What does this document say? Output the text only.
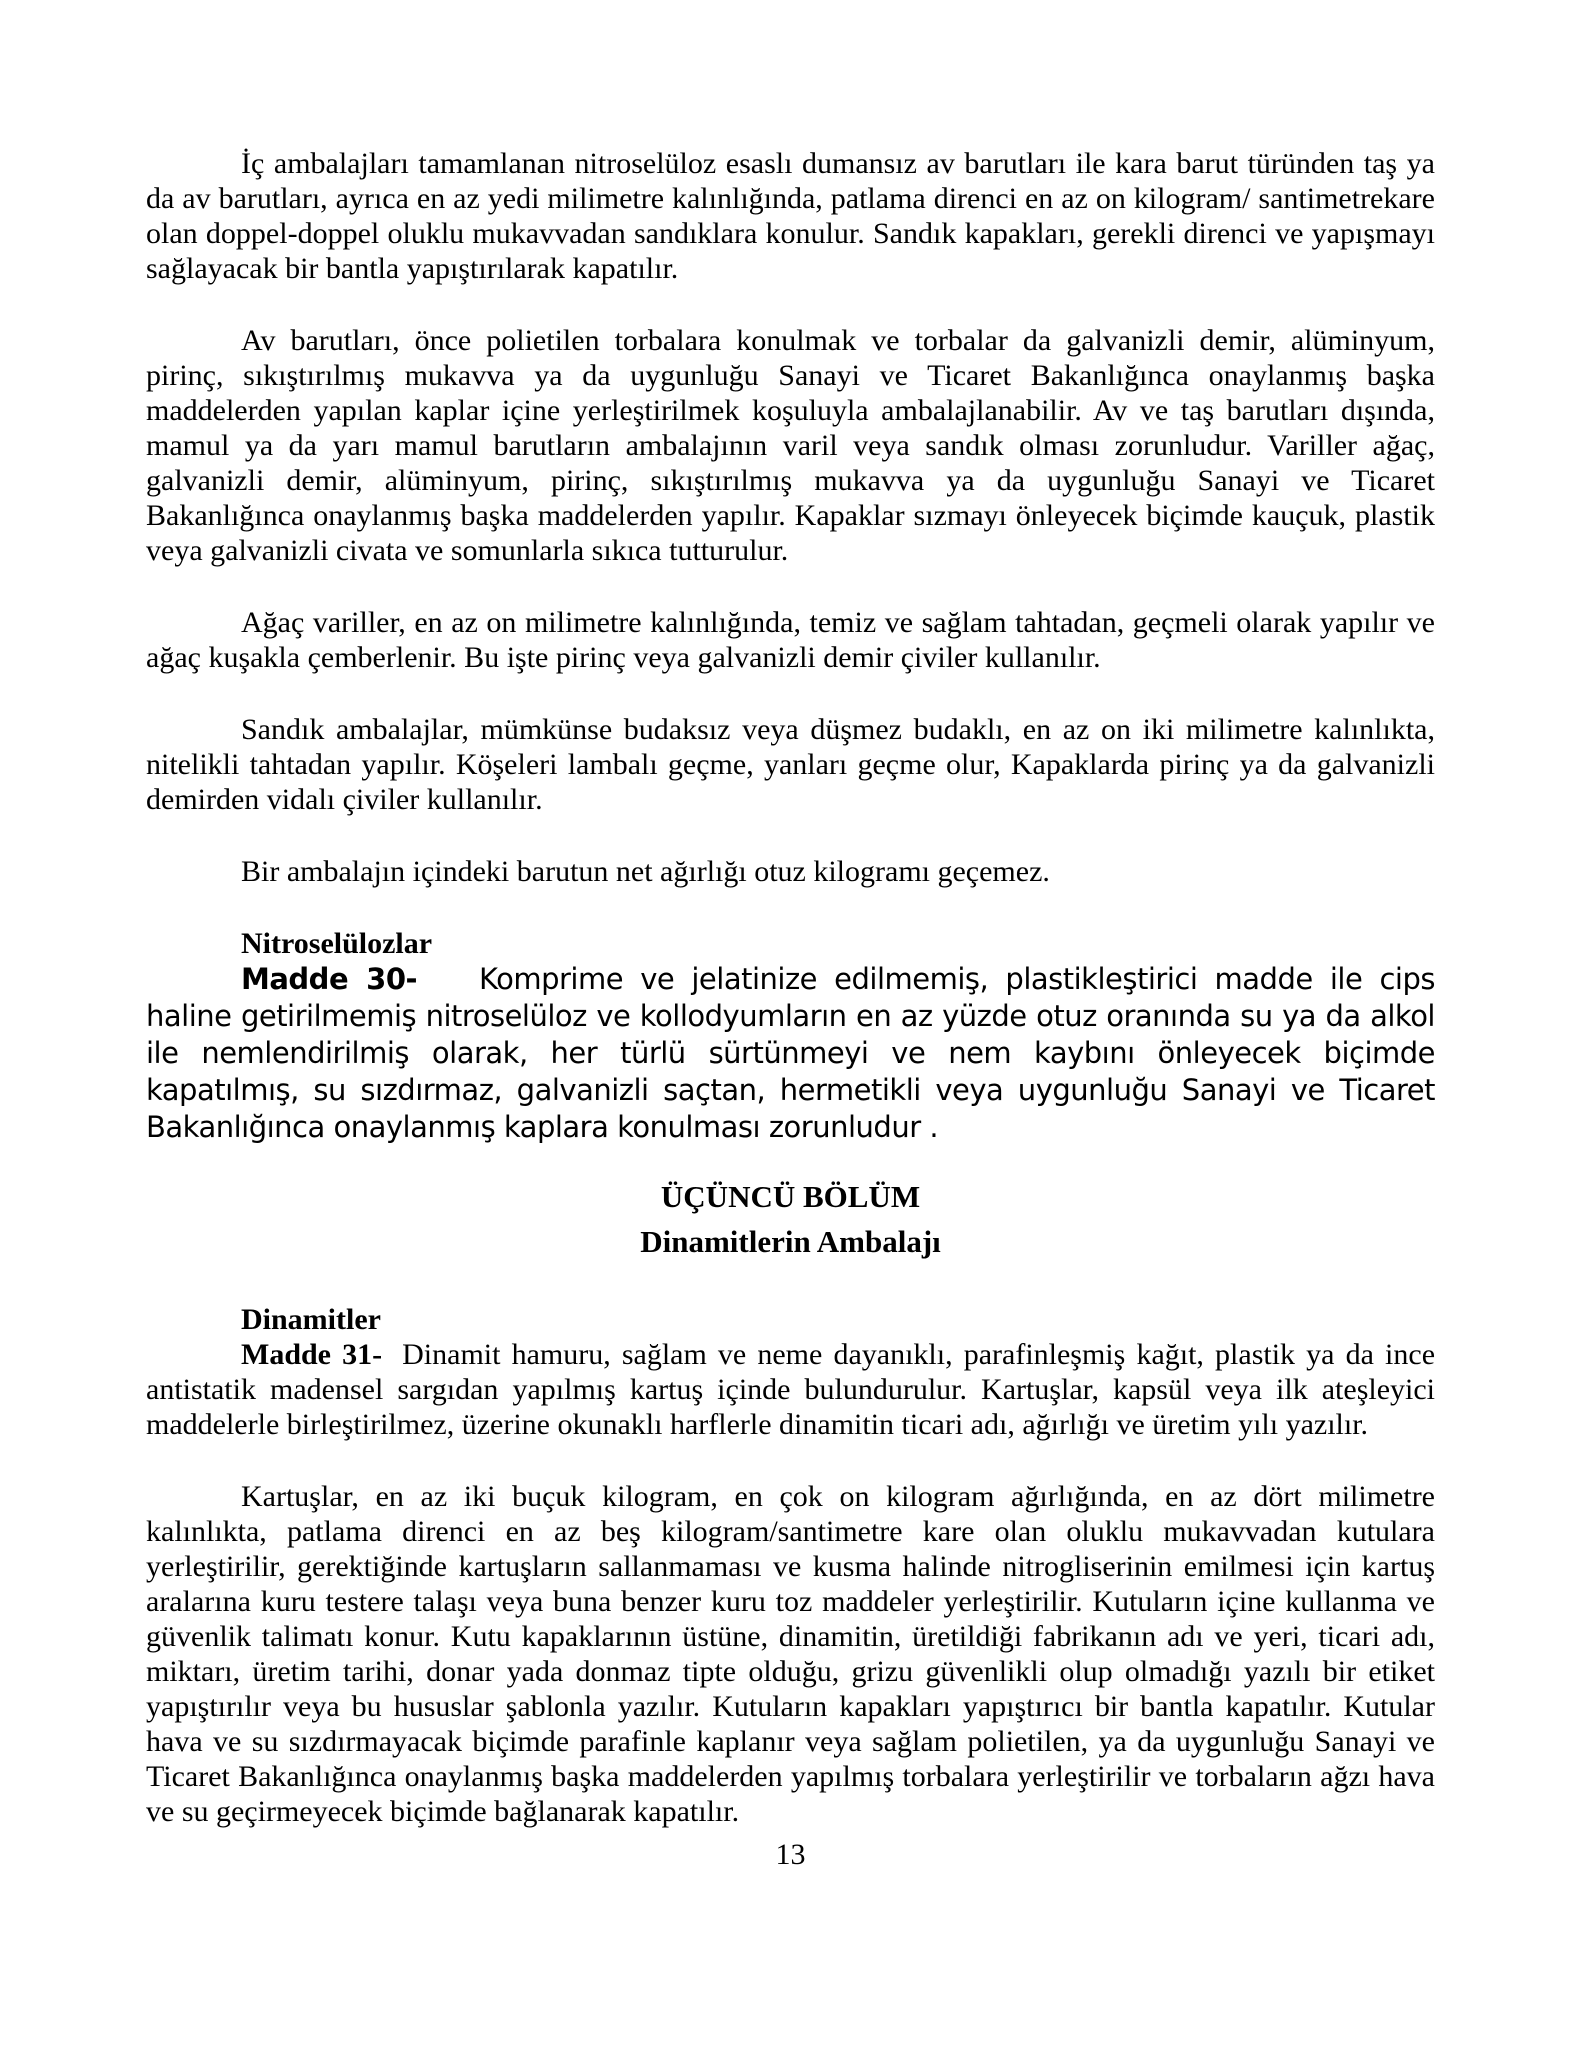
İç ambalajları tamamlanan nitroselüloz esaslı dumansız av barutları ile kara barut türünden taş ya da av barutları, ayrıca en az yedi milimetre kalınlığında, patlama direnci en az on kilogram/ santimetrekare olan doppel-doppel oluklu mukavvadan sandıklara konulur. Sandık kapakları, gerekli direnci ve yapışmayı sağlayacak bir bantla yapıştırılarak kapatılır.

Av barutları, önce polietilen torbalara konulmak ve torbalar da galvanizli demir, alüminyum, pirinç, sıkıştırılmış mukavva ya da uygunluğu Sanayi ve Ticaret Bakanlığınca onaylanmış başka maddelerden yapılan kaplar içine yerleştirilmek koşuluyla ambalajlanabilir. Av ve taş barutları dışında, mamul ya da yarı mamul barutların ambalajının varil veya sandık olması zorunludur. Variller ağaç, galvanizli demir, alüminyum, pirinç, sıkıştırılmış mukavva ya da uygunluğu Sanayi ve Ticaret Bakanlığınca onaylanmış başka maddelerden yapılır. Kapaklar sızmayı önleyecek biçimde kauçuk, plastik veya galvanizli civata ve somunlarla sıkıca tutturulur.

Ağaç variller, en az on milimetre kalınlığında, temiz ve sağlam tahtadan, geçmeli olarak yapılır ve ağaç kuşakla çemberlenir. Bu işte pirinç veya galvanizli demir çiviler kullanılır.

Sandık ambalajlar, mümkünse budaksız veya düşmez budaklı, en az on iki milimetre kalınlıkta, nitelikli tahtadan yapılır. Köşeleri lambalı geçme, yanları geçme olur, Kapaklarda pirinç ya da galvanizli demirden vidalı çiviler kullanılır.

Bir ambalajın içindeki barutun net ağırlığı otuz kilogramı geçemez.

Nitroselülozlar

Madde 30- Komprime ve jelatinize edilmemiş, plastikleştirici madde ile cips haline getirilmemiş nitroselüloz ve kollodyumların en az yüzde otuz oranında su ya da alkol ile nemlendirilmiş olarak, her türlü sürtünmeyi ve nem kaybını önleyecek biçimde kapatılmış, su sızdırmaz, galvanizli saçtan, hermetikli veya uygunluğu Sanayi ve Ticaret Bakanlığınca onaylanmış kaplara konulması zorunludur .

ÜÇÜNCÜ BÖLÜM
Dinamitlerin Ambalajı

Dinamitler

Madde 31- Dinamit hamuru, sağlam ve neme dayanıklı, parafinleşmiş kağıt, plastik ya da ince antistatik madensel sargıdan yapılmış kartuş içinde bulundurulur. Kartuşlar, kapsül veya ilk ateşleyici maddelerle birleştirilmez, üzerine okunaklı harflerle dinamitin ticari adı, ağırlığı ve üretim yılı yazılır.

Kartuşlar, en az iki buçuk kilogram, en çok on kilogram ağırlığında, en az dört milimetre kalınlıkta, patlama direnci en az beş kilogram/santimetre kare olan oluklu mukavvadan kutulara yerleştirilir, gerektiğinde kartuşların sallanmaması ve kusma halinde nitrogliserinin emilmesi için kartuş aralarına kuru testere talaşı veya buna benzer kuru toz maddeler yerleştirilir. Kutuların içine kullanma ve güvenlik talimatı konur. Kutu kapaklarının üstüne, dinamitin, üretildiği fabrikanın adı ve yeri, ticari adı, miktarı, üretim tarihi, donar yada donmaz tipte olduğu, grizu güvenlikli olup olmadığı yazılı bir etiket yapıştırılır veya bu hususlar şablonla yazılır. Kutuların kapakları yapıştırıcı bir bantla kapatılır. Kutular hava ve su sızdırmayacak biçimde parafinle kaplanır veya sağlam polietilen, ya da uygunluğu Sanayi ve Ticaret Bakanlığınca onaylanmış başka maddelerden yapılmış torbalara yerleştirilir ve torbaların ağzı hava ve su geçirmeyecek biçimde bağlanarak kapatılır.

13
